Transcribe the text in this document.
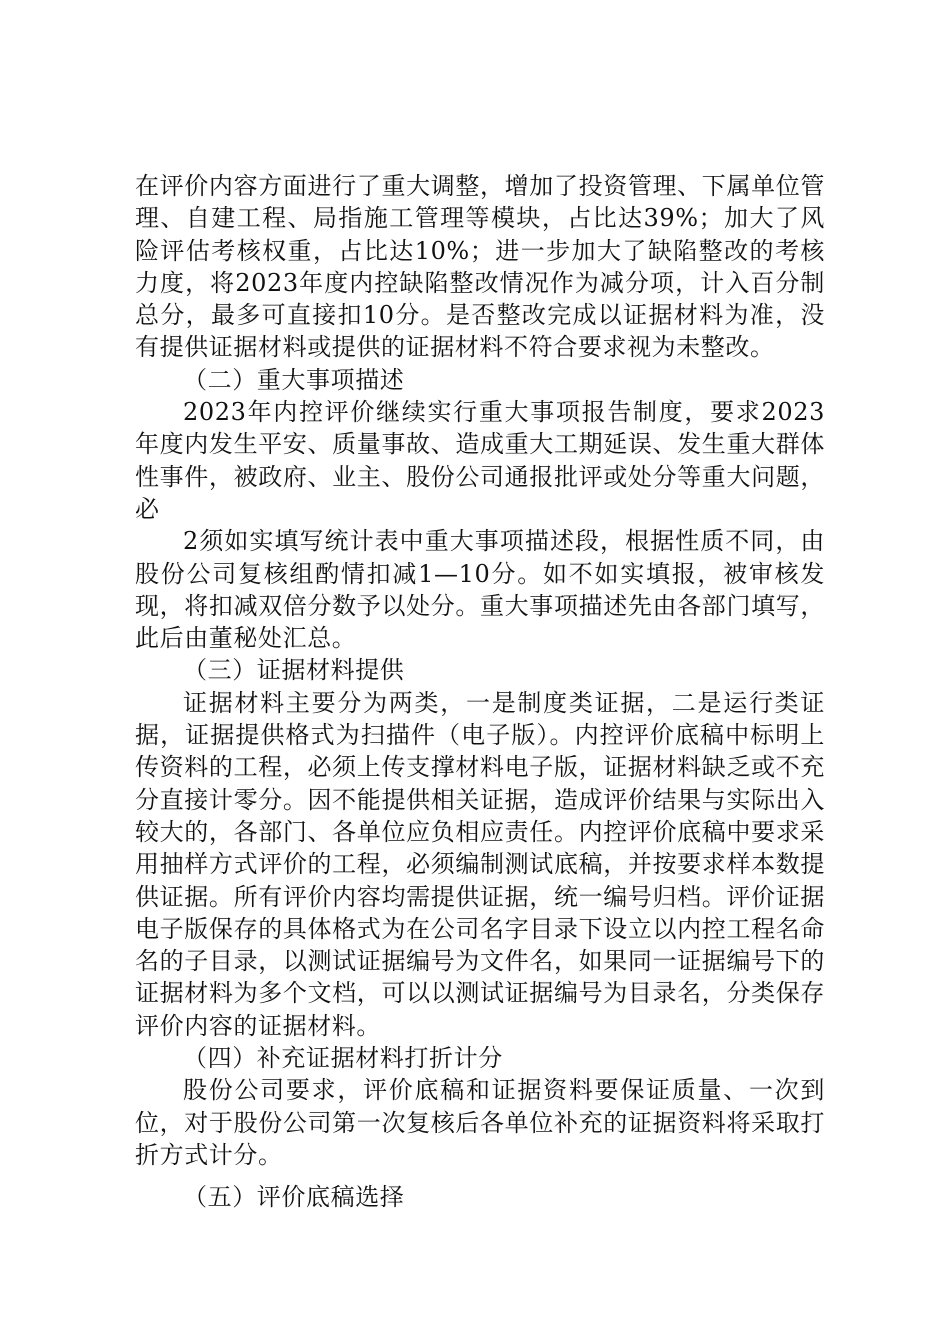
在评价内容方面进行了重大调整，增加了投资管理、下属单位管理、自建工程、局指施工管理等模块，占比达39%；加大了风险评估考核权重，占比达10%；进一步加大了缺陷整改的考核力度，将2023年度内控缺陷整改情况作为减分项，计入百分制总分，最多可直接扣10分。是否整改完成以证据材料为准，没有提供证据材料或提供的证据材料不符合要求视为未整改。

（二）重大事项描述

2023年内控评价继续实行重大事项报告制度，要求2023年度内发生平安、质量事故、造成重大工期延误、发生重大群体性事件，被政府、业主、股份公司通报批评或处分等重大问题，必

2须如实填写统计表中重大事项描述段，根据性质不同，由股份公司复核组酌情扣减1—10分。如不如实填报，被审核发现，将扣减双倍分数予以处分。重大事项描述先由各部门填写，此后由董秘处汇总。

（三）证据材料提供

证据材料主要分为两类，一是制度类证据，二是运行类证据，证据提供格式为扫描件（电子版）。内控评价底稿中标明上传资料的工程，必须上传支撑材料电子版，证据材料缺乏或不充分直接计零分。因不能提供相关证据，造成评价结果与实际出入较大的，各部门、各单位应负相应责任。内控评价底稿中要求采用抽样方式评价的工程，必须编制测试底稿，并按要求样本数提供证据。所有评价内容均需提供证据，统一编号归档。评价证据电子版保存的具体格式为在公司名字目录下设立以内控工程名命名的子目录，以测试证据编号为文件名，如果同一证据编号下的证据材料为多个文档，可以以测试证据编号为目录名，分类保存评价内容的证据材料。

（四）补充证据材料打折计分

股份公司要求，评价底稿和证据资料要保证质量、一次到位，对于股份公司第一次复核后各单位补充的证据资料将采取打折方式计分。

（五）评价底稿选择
